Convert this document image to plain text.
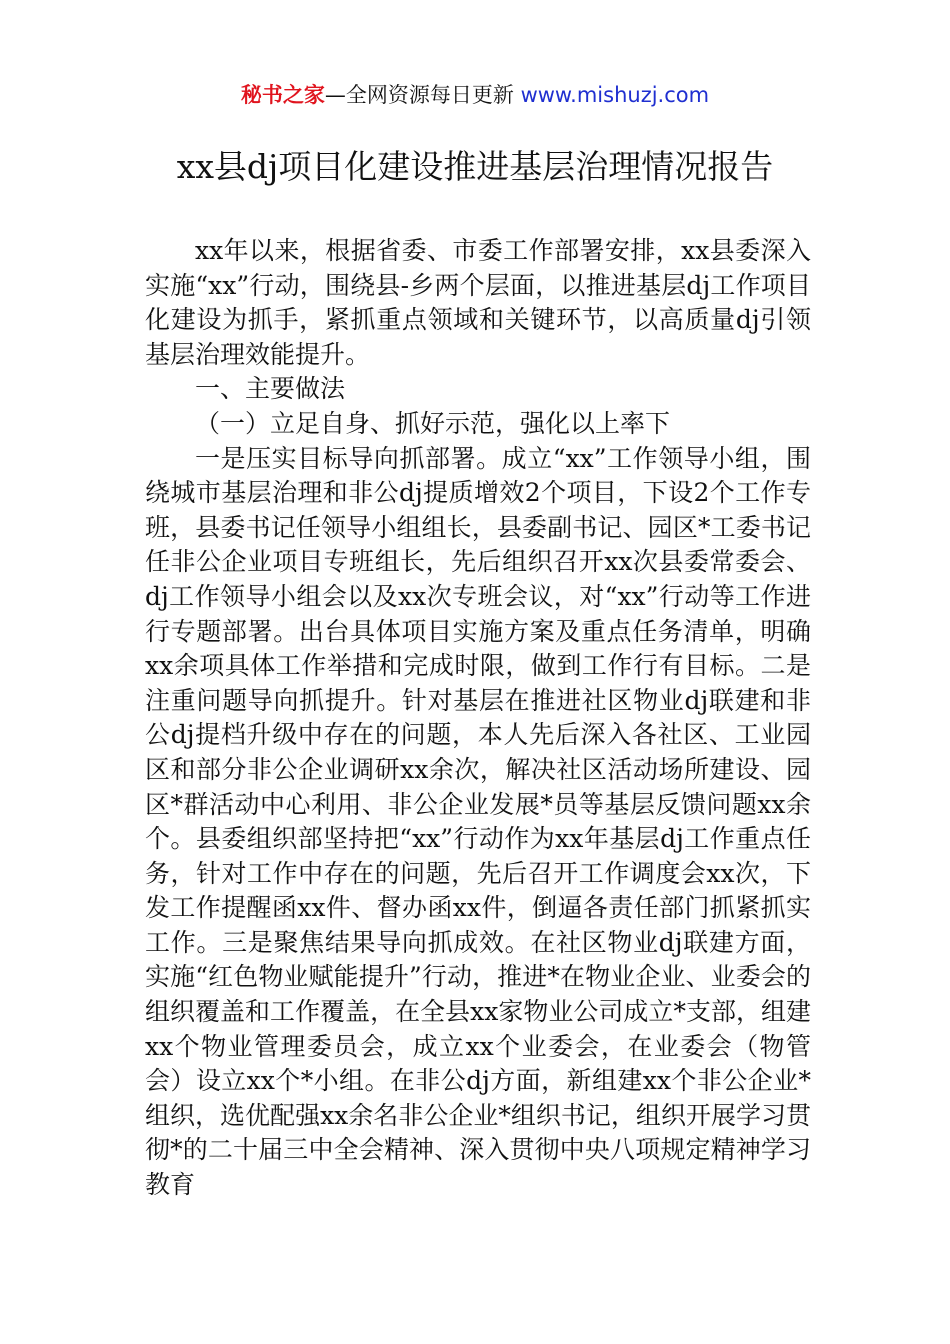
秘书之家—全网资源每日更新 www.mishuzj.com
xx县dj项目化建设推进基层治理情况报告

xx年以来，根据省委、市委工作部署安排，xx县委深入实施“xx”行动，围绕县-乡两个层面，以推进基层dj工作项目化建设为抓手，紧抓重点领域和关键环节，以高质量dj引领基层治理效能提升。

一、主要做法

（一）立足自身、抓好示范，强化以上率下

一是压实目标导向抓部署。成立“xx”工作领导小组，围绕城市基层治理和非公dj提质增效2个项目，下设2个工作专班，县委书记任领导小组组长，县委副书记、园区*工委书记任非公企业项目专班组长，先后组织召开xx次县委常委会、dj工作领导小组会以及xx次专班会议，对“xx”行动等工作进行专题部署。出台具体项目实施方案及重点任务清单，明确xx余项具体工作举措和完成时限，做到工作行有目标。二是注重问题导向抓提升。针对基层在推进社区物业dj联建和非公dj提档升级中存在的问题，本人先后深入各社区、工业园区和部分非公企业调研xx余次，解决社区活动场所建设、园区*群活动中心利用、非公企业发展*员等基层反馈问题xx余个。县委组织部坚持把“xx”行动作为xx年基层dj工作重点任务，针对工作中存在的问题，先后召开工作调度会xx次，下发工作提醒函xx件、督办函xx件，倒逼各责任部门抓紧抓实工作。三是聚焦结果导向抓成效。在社区物业dj联建方面，实施“红色物业赋能提升”行动，推进*在物业企业、业委会的组织覆盖和工作覆盖，在全县xx家物业公司成立*支部，组建xx个物业管理委员会，成立xx个业委会，在业委会（物管会）设立xx个*小组。在非公dj方面，新组建xx个非公企业*组织，选优配强xx余名非公企业*组织书记，组织开展学习贯彻*的二十届三中全会精神、深入贯彻中央八项规定精神学习教育
